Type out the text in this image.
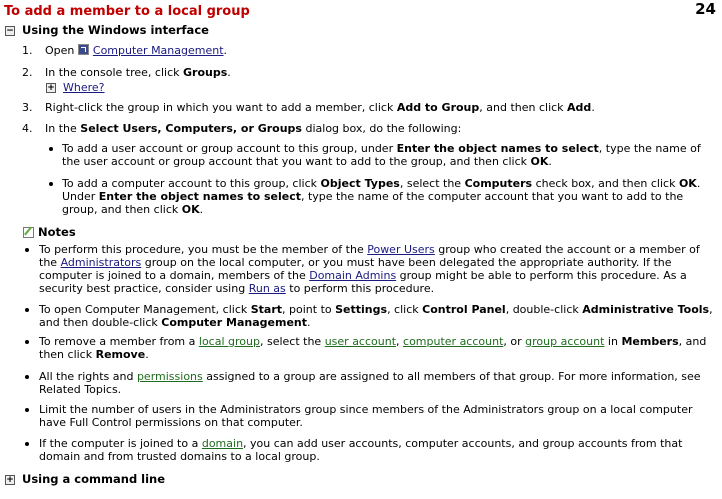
To add a member to a local group	24
− Using the Windows interface
1. Open Computer Management.
2. In the console tree, click Groups.
3. Right-click the group in which you want to add a member, click Add to Group, and then click Add.
4. In the Select Users, Computers, or Groups dialog box, do the following:
+ Where?
To add a user account or group account to this group, under Enter the object names to select, type the name of the user account or group account that you want to add to the group, and then click OK.
To add a computer account to this group, click Object Types, select the Computers check box, and then click OK. Under Enter the object names to select, type the name of the computer account that you want to add to the group, and then click OK.
Notes
To perform this procedure, you must be the member of the Power Users group who created the account or a member of the Administrators group on the local computer, or you must have been delegated the appropriate authority. If the computer is joined to a domain, members of the Domain Admins group might be able to perform this procedure. As a security best practice, consider using Run as to perform this procedure.
To open Computer Management, click Start, point to Settings, click Control Panel, double-click Administrative Tools, and then double-click Computer Management.
To remove a member from a local group, select the user account, computer account, or group account in Members, and then click Remove.
All the rights and permissions assigned to a group are assigned to all members of that group. For more information, see Related Topics.
Limit the number of users in the Administrators group since members of the Administrators group on a local computer have Full Control permissions on that computer.
If the computer is joined to a domain, you can add user accounts, computer accounts, and group accounts from that domain and from trusted domains to a local group.
+ Using a command line
